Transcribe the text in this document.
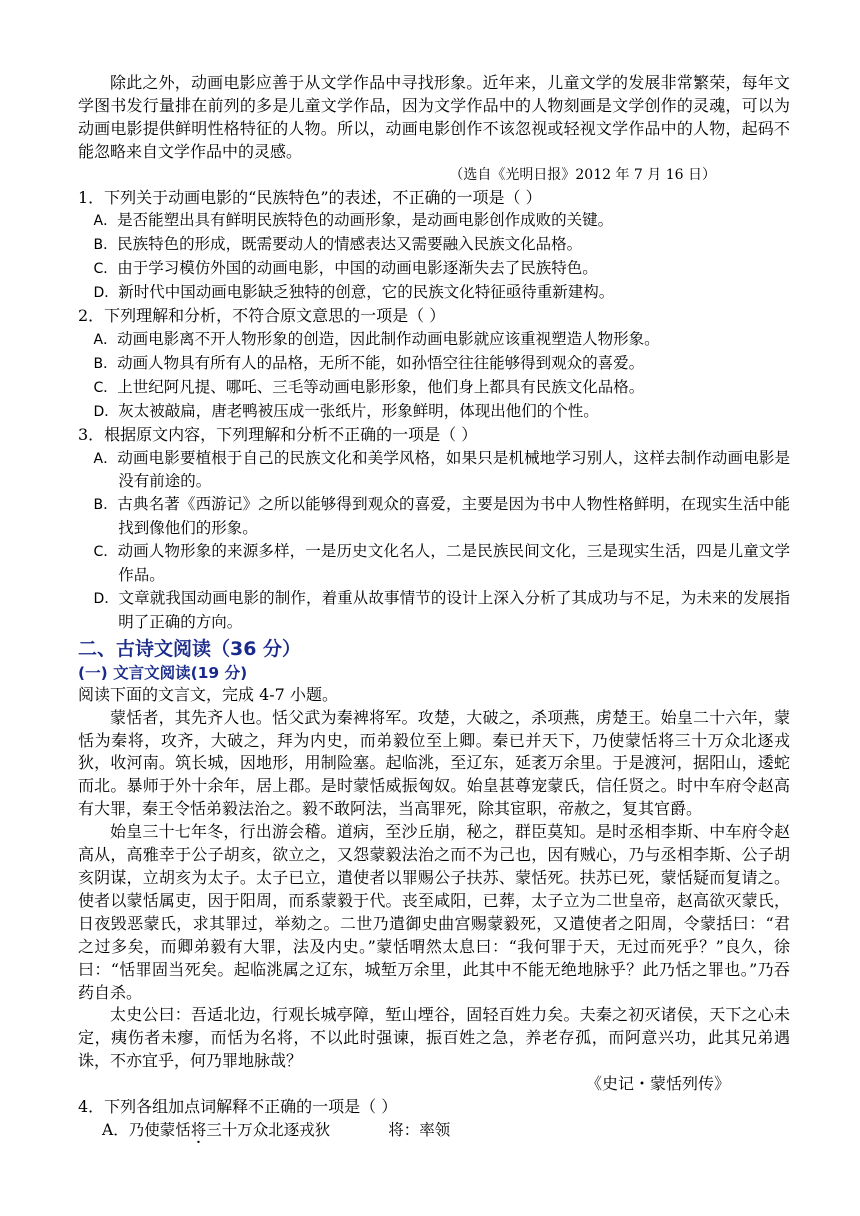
除此之外，动画电影应善于从文学作品中寻找形象。近年来，儿童文学的发展非常繁荣，每年文学图书发行量排在前列的多是儿童文学作品，因为文学作品中的人物刻画是文学创作的灵魂，可以为动画电影提供鲜明性格特征的人物。所以，动画电影创作不该忽视或轻视文学作品中的人物，起码不能忽略来自文学作品中的灵感。

（选自《光明日报》2012 年 7 月 16 日）

1．下列关于动画电影的“民族特色”的表述，不正确的一项是（ ）

A．是否能塑出具有鲜明民族特色的动画形象，是动画电影创作成败的关键。

B．民族特色的形成，既需要动人的情感表达又需要融入民族文化品格。

C．由于学习模仿外国的动画电影，中国的动画电影逐渐失去了民族特色。

D．新时代中国动画电影缺乏独特的创意，它的民族文化特征亟待重新建构。

2．下列理解和分析，不符合原文意思的一项是（ ）

A．动画电影离不开人物形象的创造，因此制作动画电影就应该重视塑造人物形象。

B．动画人物具有所有人的品格，无所不能，如孙悟空往往能够得到观众的喜爱。

C．上世纪阿凡提、哪吒、三毛等动画电影形象，他们身上都具有民族文化品格。

D．灰太被敲扁，唐老鸭被压成一张纸片，形象鲜明，体现出他们的个性。

3．根据原文内容，下列理解和分析不正确的一项是（ ）

A．动画电影要植根于自己的民族文化和美学风格，如果只是机械地学习别人，这样去制作动画电影是没有前途的。

B．古典名著《西游记》之所以能够得到观众的喜爱，主要是因为书中人物性格鲜明，在现实生活中能找到像他们的形象。

C．动画人物形象的来源多样，一是历史文化名人，二是民族民间文化，三是现实生活，四是儿童文学作品。

D．文章就我国动画电影的制作，着重从故事情节的设计上深入分析了其成功与不足，为未来的发展指明了正确的方向。

二、古诗文阅读（36 分）
(一) 文言文阅读(19 分)

阅读下面的文言文，完成 4-7 小题。

蒙恬者，其先齐人也。恬父武为秦裨将军。攻楚，大破之，杀项燕，虏楚王。始皇二十六年，蒙恬为秦将，攻齐，大破之，拜为内史，而弟毅位至上卿。秦已并天下，乃使蒙恬将三十万众北逐戎狄，收河南。筑长城，因地形，用制险塞。起临洮，至辽东，延袤万余里。于是渡河，据阳山，逶蛇而北。暴师于外十余年，居上郡。是时蒙恬威振匈奴。始皇甚尊宠蒙氏，信任贤之。时中车府令赵高有大罪，秦王令恬弟毅法治之。毅不敢阿法，当高罪死，除其宦职，帝赦之，复其官爵。

始皇三十七年冬，行出游会稽。道病，至沙丘崩，秘之，群臣莫知。是时丞相李斯、中车府令赵高从，高雅幸于公子胡亥，欲立之，又怨蒙毅法治之而不为己也，因有贼心，乃与丞相李斯、公子胡亥阴谋，立胡亥为太子。太子已立，遣使者以罪赐公子扶苏、蒙恬死。扶苏已死，蒙恬疑而复请之。使者以蒙恬属吏，因于阳周，而系蒙毅于代。丧至咸阳，已葬，太子立为二世皇帝，赵高欲灭蒙氏，日夜毁恶蒙氏，求其罪过，举劾之。二世乃遣御史曲宫赐蒙毅死，又遣使者之阳周，令蒙括曰：“君之过多矣，而卿弟毅有大罪，法及内史。”蒙恬喟然太息曰：“我何罪于天，无过而死乎？”良久，徐曰：“恬罪固当死矣。起临洮属之辽东，城堑万余里，此其中不能无绝地脉乎？此乃恬之罪也。”乃吞药自杀。

太史公曰：吾适北边，行观长城亭障，堑山堙谷，固轻百姓力矣。夫秦之初灭诸侯，天下之心未定，痍伤者未瘳，而恬为名将，不以此时强谏，振百姓之急，养老存孤，而阿意兴功，此其兄弟遇诛，不亦宜乎，何乃罪地脉哉？

《史记・蒙恬列传》

4．下列各组加点词解释不正确的一项是（ ）

A．乃使蒙恬将三十万众北逐戎狄	将：率领
